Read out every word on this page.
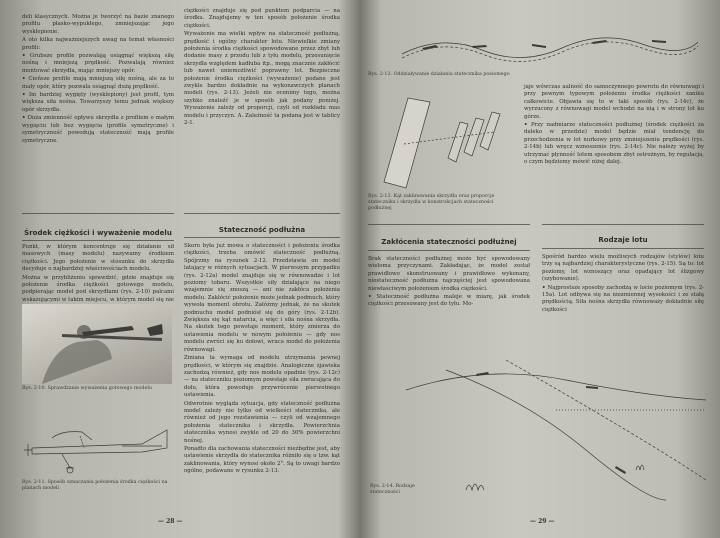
deli klasycznych. Można je tworzyć na bazie znanego profilu płasko-wypukłego, zmniejszając jego wysklepienie.

A oto kilka najważniejszych uwag na temat własności profili:

• Grubsze profile pozwalają osiągnąć większą siłę nośną i mniejszą prędkość. Pozwalają również montować skrzydła, mając mniejszy opór.

• Cieńsze profile mają mniejszą siłę nośną, ale za to mały opór, który pozwala osiągnąć dużą prędkość.

• Im bardziej wygięty (wysklepiony) jest profil, tym większa siła nośna. Towarzyszy temu jednak większy opór skrzydła.

• Duża zmienność opływu skrzydła z profilem o małym wygięciu lub bez wygięcia (profile symetryczne) i symetryczność powodują stateczność mają profile symetryczne.

ciężkości znajduje się pod punktem podparcia — na środku. Znajdujemy w ten sposób położenie środka ciężkości.

Wyważenie ma wielki wpływ na stateczność podłużną, prędkość i ogólny charakter lotu. Niewielkie zmiany położenia środka ciężkości spowodowane przez zbyt lub dodanie masy z przodu lub z tyłu modelu, przesunięcie skrzydła względem kadłuba itp., mogą znacznie zakłócić lub nawet uniemożliwić poprawny lot. Bezpieczne położenie środka ciężkości (wyważenie) podane jest zwykle bardzo dokładnie na wykonawczych planach modeli (rys. 2-13). Jeżeli nie ocenimy tego, można szybko znaleźć je w sposób jak podany poniżej. Wyważenie zależy od proporcji, czyli od rozkładu mas modelu i przyczyn. A. Zależność ta podana jest w tablicy 2-1.

Środek ciężkości i wyważenie modelu	Stateczność podłużna

Punkt, w którym koncentruje się działanie sił masowych (masy modelu) nazywamy środkiem ciężkości. Jego położenie w stosunku do skrzydła decyduje o najbardziej właściwościach modelu.

Można w przybliżeniu sprawdzić, gdzie znajduje się położenie środka ciężkości gotowego modelu, podpierając model pod skrzydłami (rys. 2-10) palcami wskazującymi w takim miejscu, w którym model się nie

Rys. 2-10. Sprawdzanie wyważenia gotowego modelu
Rys. 2-11. Sposób oznaczania położenia środka ciężkości na planach modeli

Skoro była już mowa o stateczności i położeniu środka ciężkości, trzeba omówić stateczność podłużną. Spójrzmy na rysunek 2-12. Przedstawia on model latający w różnych sytuacjach. W pierwszym przypadku (rys. 2-12a) model znajduje się w równowadze i lot poziomy tobaru. Wszystkie siły działające na niego wzajemnie się znoszą — ani nie zakłóca położenia modelu. Zakłócić położenie może jednak podmuch, który wywoła moment obrotu. Załóżmy jednak, że na skutek podmuchu model podniósł się do góry (rys. 2-12b). Zwiększa się kąt natarcia, a więc i siła nośna skrzydła. Na skutek tego powstaje moment, który zmierza do ustawienia modelu w nowym położeniu — gdy nos modelu zwróci się ku dołowi, wraca model do położenia równowagi.

Zmiana ta wymaga od modelu utrzymania pewnej prędkości, w którym się znajdzie. Analogiczne zjawiska zachodzą również, gdy nos modelu opadnie (rys. 2-12c) — na stateczniku poziomym powstaje siła zwracająca do dołu, która powoduje przywrócenie pierwotnego ustawienia.

Odwrotnie wygląda sytuacja, gdy stateczność podłużna model zależy nie tylko od wielkości statecznika, ale również od jego rozstawienia — czyli od wzajemnego położenia statecznika i skrzydła. Powierzchnia statecznika wynosi zwykle od 20 do 30% powierzchni nośnej.

Ponadto dla zachowania stateczności niezbędne jest, aby ustawienie skrzydła do statecznika różniło się o tzw. kąt zaklinowania, który wynosi około 2°. Są to uwagi bardzo ogólne, podawane w rysunku 2-13.

— 28 —
Rys. 2-12. Oddziaływanie działania statecznika poziomego
Rys. 2-13. Kąt zaklinowania skrzydła oraz proporcje statecznika i skrzydła w konstrukcjach stateczności podłużnej

jaje wówczas aalność do samoczynnego powrotu do równowagi i przy pewnym typowym położeniu środka ciężkości zaniku całkowicie. Objawia się to w taki sposób (rys. 2-14c), że wyrzucony z równowagi model wchodzi na nią i w strony lot ku górze.

• Przy nadmiarze stateczności podłużnej (środek ciężkości za daleko w przedzie) model będzie miał tendencję do przechodzenia w lot nurkowy przy zmniejszeniu prędkości (rys. 2-14b) lub wręcz wznoszenie (rys. 2-14c). Nie należy wyżej by utrzymać płynność lotem sposobem zbyt ostrożnym, by regulacja, o czym będziemy mówić niżej dalej.

Zakłócenia stateczności podłużnej	Rodzaje lotu

Brak stateczności podłużnej może być spowodowany wieloma przyczynami. Zakładając, że model został prawidłowo skonstruowany i prawidłowo wykonany, niestateczność podłużna najczęściej jest spowodowana niewłaściwym położeniem środka ciężkości.

• Stateczność podłużna maleje w miarę, jak środek ciężkości przesuwany jest do tyłu. Mo-

Spośród bardzo wielu możliwych rodzajów (stylów) lotu trzy są najbardziej charakterystyczne (rys. 2-15). Są to: lot poziomy, lot wznoszący oraz opadający lot ślizgowy (szybowanie).

• Najprostsze sposoby zachodzą w locie poziomym (rys. 2-15a). Lot odbywa się na niezmiennej wysokości i ze stałą prędkością. Siła nośna skrzydła równoważy dokładnie siłę ciężkości

Rys. 2-14. Rodzaje stateczności
— 29 —
